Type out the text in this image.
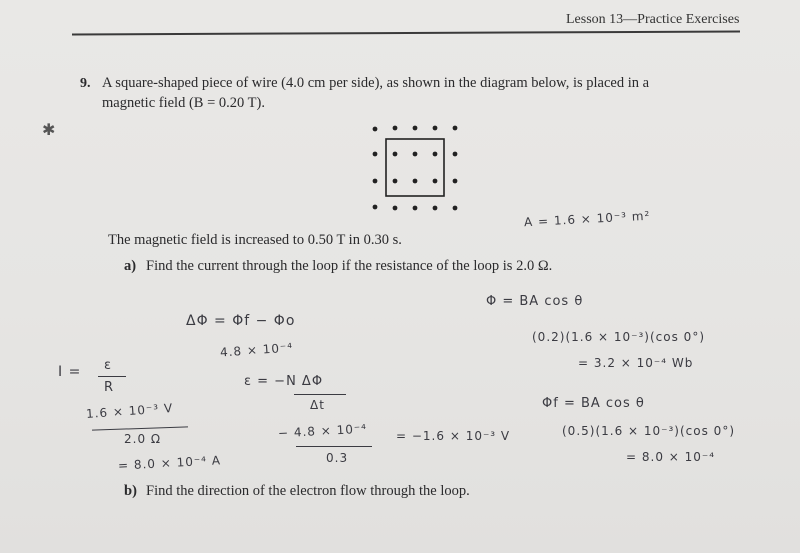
Lesson 13—Practice Exercises
✱
9. A square-shaped piece of wire (4.0 cm per side), as shown in the diagram below, is placed in a
magnetic field (B = 0.20 T).
The magnetic field is increased to 0.50 T in 0.30 s.
a) Find the current through the loop if the resistance of the loop is 2.0 Ω.
A = 1.6 × 10⁻³ m²
ΔΦ = Φf − Φo
4.8 × 10⁻⁴
ε = −N ΔΦ
Δt
I = ε
R
1.6 × 10⁻³ V
2.0 Ω
= 8.0 × 10⁻⁴ A
− 4.8 × 10⁻⁴
0.3
= −1.6 × 10⁻³ V
Φ = BA cos θ
(0.2)(1.6 × 10⁻³)(cos 0°)
= 3.2 × 10⁻⁴ Wb
Φf = BA cos θ
(0.5)(1.6 × 10⁻³)(cos 0°)
= 8.0 × 10⁻⁴
b) Find the direction of the electron flow through the loop.
